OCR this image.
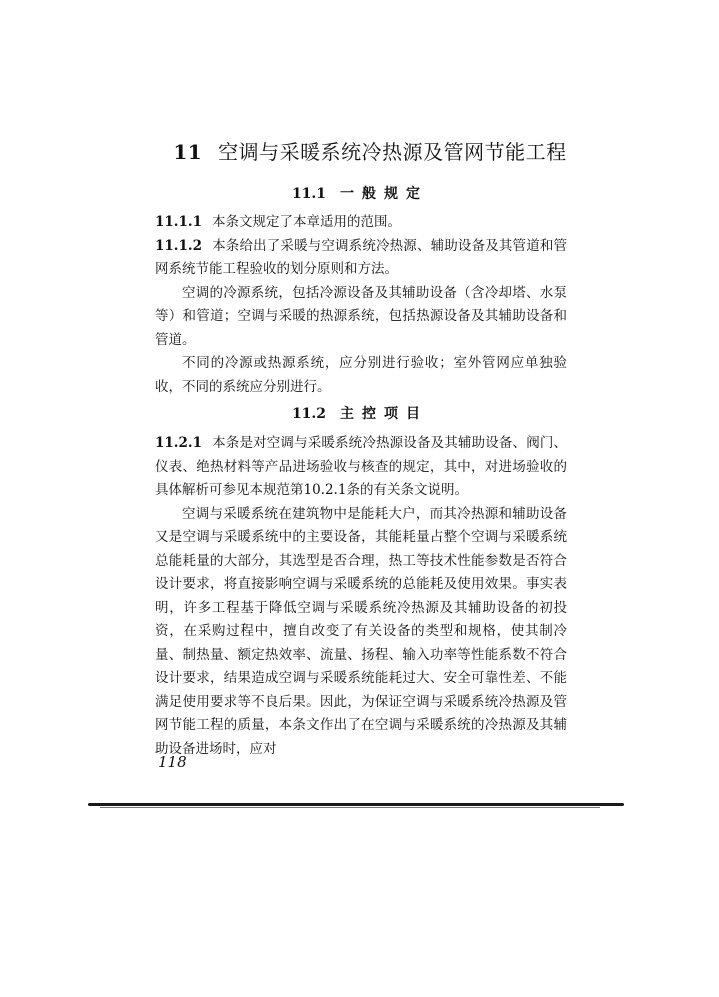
11 空调与采暖系统冷热源及管网节能工程
11.1 一般规定

11.1.1 本条文规定了本章适用的范围。

11.1.2 本条给出了采暖与空调系统冷热源、辅助设备及其管道和管网系统节能工程验收的划分原则和方法。

空调的冷源系统，包括冷源设备及其辅助设备（含冷却塔、水泵等）和管道；空调与采暖的热源系统，包括热源设备及其辅助设备和管道。

不同的冷源或热源系统，应分别进行验收；室外管网应单独验收，不同的系统应分别进行。

11.2 主控项目

11.2.1 本条是对空调与采暖系统冷热源设备及其辅助设备、阀门、仪表、绝热材料等产品进场验收与核查的规定，其中，对进场验收的具体解析可参见本规范第10.2.1条的有关条文说明。

空调与采暖系统在建筑物中是能耗大户，而其冷热源和辅助设备又是空调与采暖系统中的主要设备，其能耗量占整个空调与采暖系统总能耗量的大部分，其选型是否合理，热工等技术性能参数是否符合设计要求，将直接影响空调与采暖系统的总能耗及使用效果。事实表明，许多工程基于降低空调与采暖系统冷热源及其辅助设备的初投资，在采购过程中，擅自改变了有关设备的类型和规格，使其制冷量、制热量、额定热效率、流量、扬程、输入功率等性能系数不符合设计要求，结果造成空调与采暖系统能耗过大、安全可靠性差、不能满足使用要求等不良后果。因此，为保证空调与采暖系统冷热源及管网节能工程的质量，本条文作出了在空调与采暖系统的冷热源及其辅助设备进场时，应对

118
